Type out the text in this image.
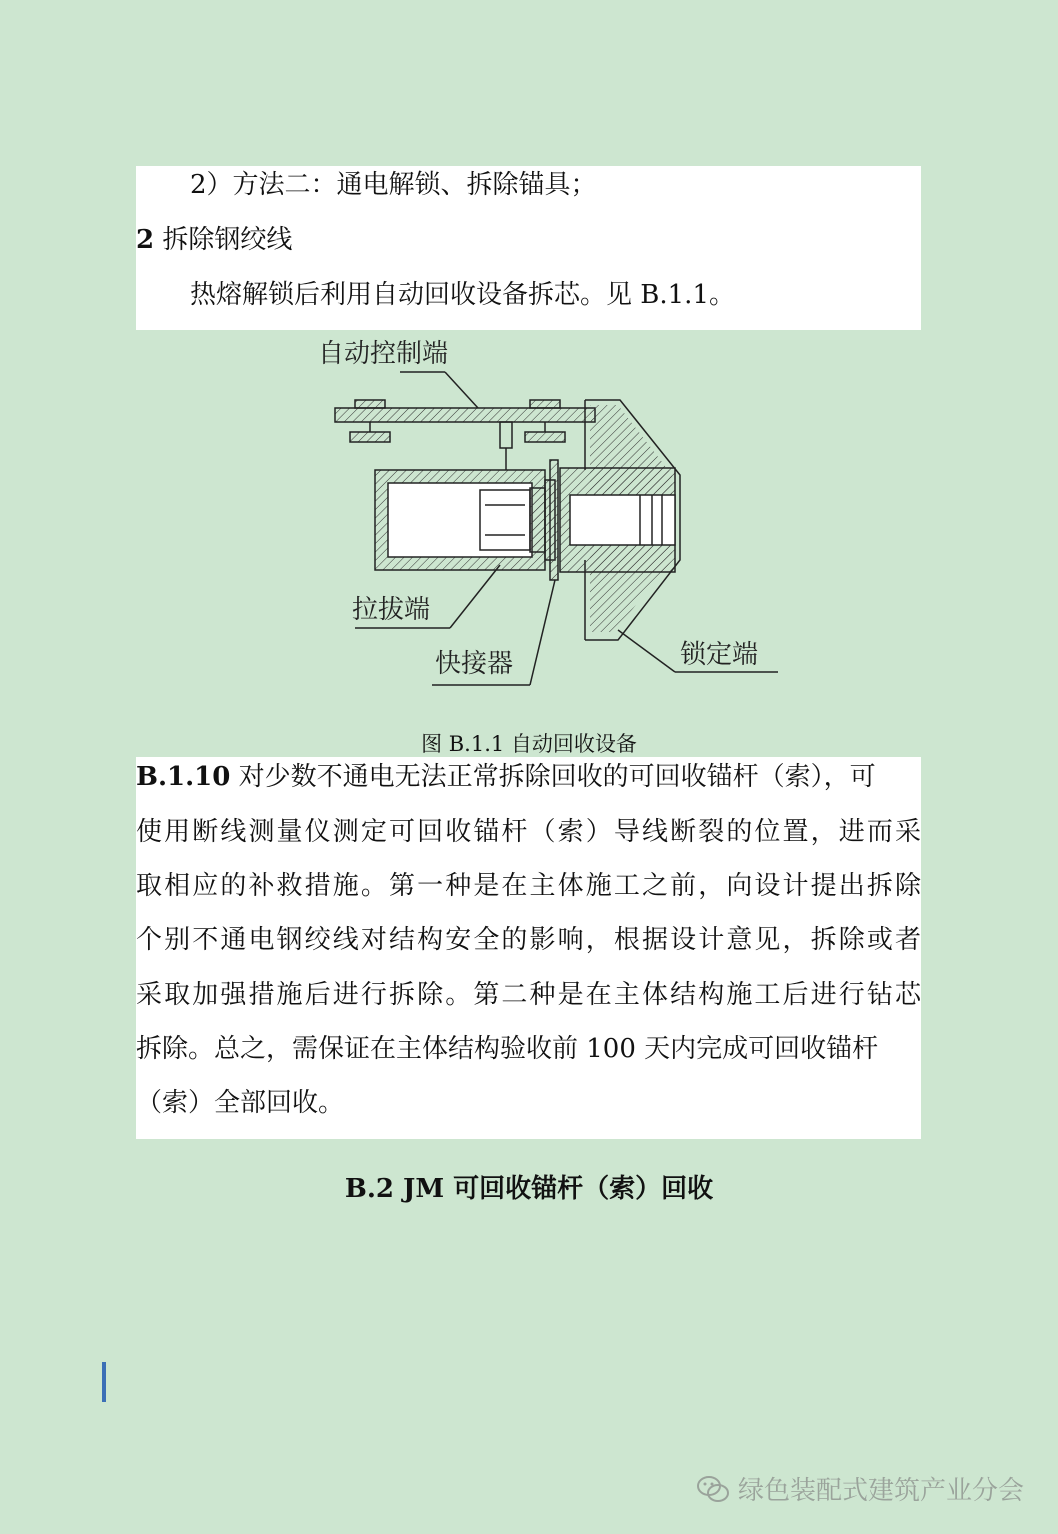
2）方法二：通电解锁、拆除锚具；
2 拆除钢绞线
热熔解锁后利用自动回收设备拆芯。见 B.1.1。
自动控制端
拉拔端
快接器	锁定端
图 B.1.1 自动回收设备
B.1.10 对少数不通电无法正常拆除回收的可回收锚杆（索），可
使用断线测量仪测定可回收锚杆（索）导线断裂的位置，进而采
取相应的补救措施。第一种是在主体施工之前，向设计提出拆除
个别不通电钢绞线对结构安全的影响，根据设计意见，拆除或者
采取加强措施后进行拆除。第二种是在主体结构施工后进行钻芯
拆除。总之，需保证在主体结构验收前 100 天内完成可回收锚杆
（索）全部回收。
B.2 JM 可回收锚杆（索）回收
绿色装配式建筑产业分会
